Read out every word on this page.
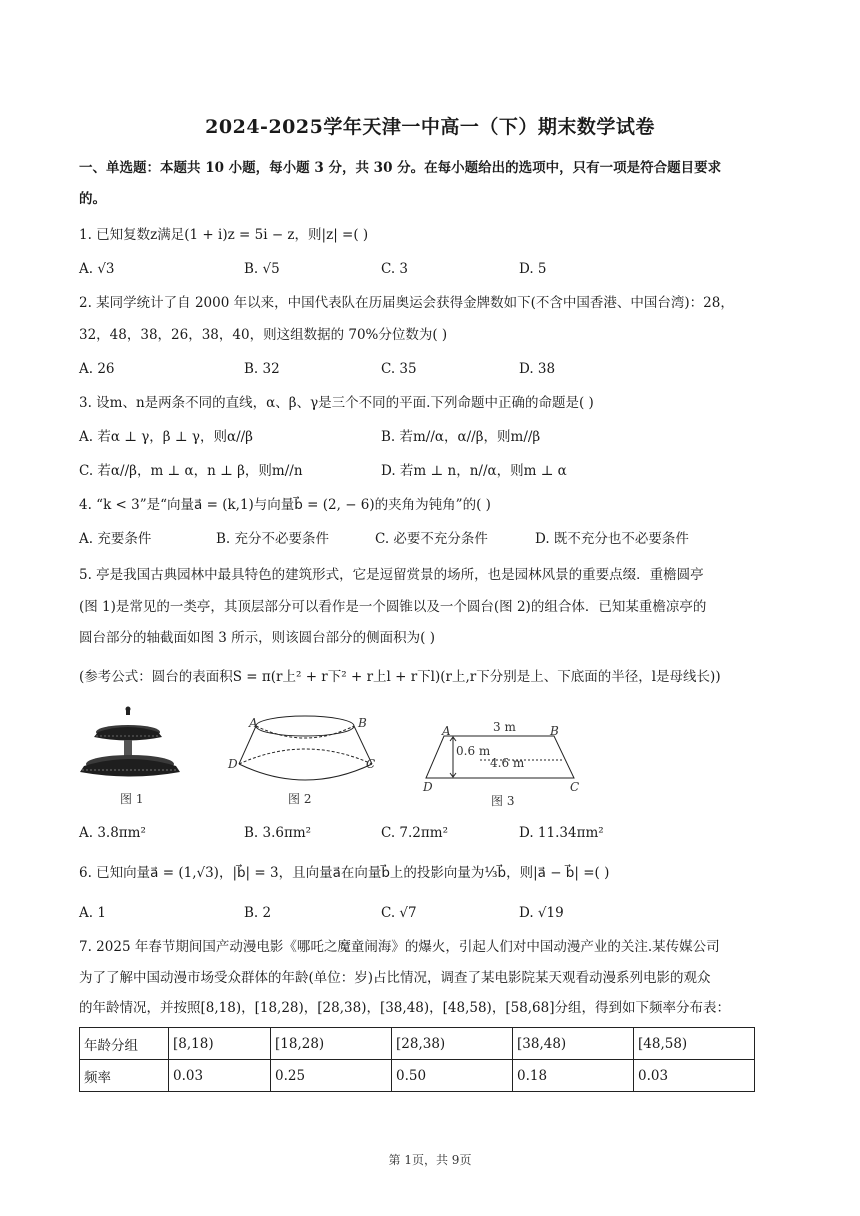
2024-2025学年天津一中高一（下）期末数学试卷
一、单选题：本题共 10 小题，每小题 3 分，共 30 分。在每小题给出的选项中，只有一项是符合题目要求
的。
1. 已知复数z满足(1 + i)z = 5i − z，则|z| =( )
A. √3	B. √5	C. 3	D. 5
2. 某同学统计了自 2000 年以来，中国代表队在历届奥运会获得金牌数如下(不含中国香港、中国台湾)：28，
32，48，38，26，38，40，则这组数据的 70%分位数为( )
A. 26	B. 32	C. 35	D. 38
3. 设m、n是两条不同的直线，α、β、γ是三个不同的平面.下列命题中正确的命题是( )
A. 若α ⊥ γ，β ⊥ γ，则α//β	B. 若m//α，α//β，则m//β
C. 若α//β，m ⊥ α，n ⊥ β，则m//n	D. 若m ⊥ n，n//α，则m ⊥ α
4. “k < 3”是“向量a⃗ = (k,1)与向量b⃗ = (2, − 6)的夹角为钝角”的( )
A. 充要条件	B. 充分不必要条件	C. 必要不充分条件	D. 既不充分也不必要条件
5. 亭是我国古典园林中最具特色的建筑形式，它是逗留赏景的场所，也是园林风景的重要点缀．重檐圆亭
(图 1)是常见的一类亭，其顶层部分可以看作是一个圆锥以及一个圆台(图 2)的组合体．已知某重檐凉亭的
圆台部分的轴截面如图 3 所示，则该圆台部分的侧面积为( )
(参考公式：圆台的表面积S = π(r上² + r下² + r上l + r下l)(r上,r下分别是上、下底面的半径，l是母线长))
图 1
A	B
C
D
图 2
A	3 m	B
0.6 m
4.6 m
D	C
图 3
A. 3.8πm²	B. 3.6πm²	C. 7.2πm²	D. 11.34πm²
6. 已知向量a⃗ = (1,√3)，|b⃗| = 3，且向量a⃗在向量b⃗上的投影向量为⅓b⃗，则|a⃗ − b⃗| =( )
A. 1	B. 2	C. √7	D. √19
7. 2025 年春节期间国产动漫电影《哪吒之魔童闹海》的爆火，引起人们对中国动漫产业的关注.某传媒公司
为了了解中国动漫市场受众群体的年龄(单位：岁)占比情况，调查了某电影院某天观看动漫系列电影的观众
的年龄情况，并按照[8,18)，[18,28)，[28,38)，[38,48)，[48,58)，[58,68]分组，得到如下频率分布表：
年龄分组	[8,18)	[18,28)	[28,38)	[38,48)	[48,58)
频率	0.03	0.25	0.50	0.18	0.03
第 1页，共 9页
